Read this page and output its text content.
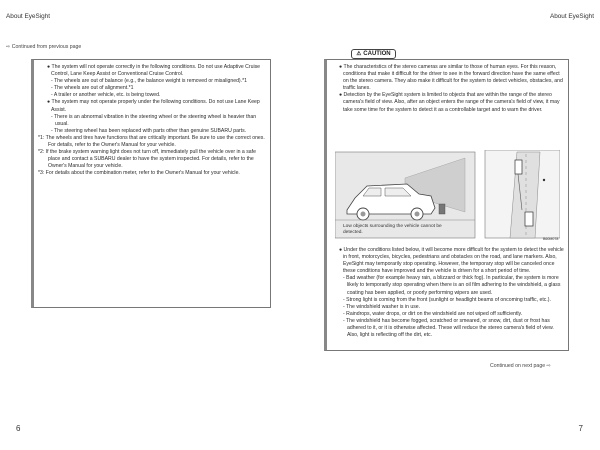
About EyeSight	About EyeSight
⇨ Continued from previous page
● The system will not operate correctly in the following conditions. Do not use Adaptive Cruise Control, Lane Keep Assist or Conventional Cruise Control.
- The wheels are out of balance (e.g., the balance weight is removed or misaligned).*1
- The wheels are out of alignment.*1
- A trailer or another vehicle, etc. is being towed.
● The system may not operate properly under the following conditions. Do not use Lane Keep Assist.
- There is an abnormal vibration in the steering wheel or the steering wheel is heavier than usual.
- The steering wheel has been replaced with parts other than genuine SUBARU parts.
*1: The wheels and tires have functions that are critically important. Be sure to use the correct ones. For details, refer to the Owner's Manual for your vehicle.
*2: If the brake system warning light does not turn off, immediately pull the vehicle over in a safe place and contact a SUBARU dealer to have the system inspected. For details, refer to the Owner's Manual for your vehicle.
*3: For details about the combination meter, refer to the Owner's Manual for your vehicle.
⚠ CAUTION
● The characteristics of the stereo cameras are similar to those of human eyes. For this reason, conditions that make it difficult for the driver to see in the forward direction have the same effect on the stereo camera. They also make it difficult for the system to detect vehicles, obstacles, and traffic lanes.
● Detection by the EyeSight system is limited to objects that are within the range of the stereo camera's field of view. Also, after an object enters the range of the camera's field of view, it may take some time for the system to detect it as a controllable target and to warn the driver.
Low objects surrounding the vehicle cannot be detected.
B60M078
● Under the conditions listed below, it will become more difficult for the system to detect the vehicle in front, motorcycles, bicycles, pedestrians and obstacles on the road, and lane markers. Also, EyeSight may temporarily stop operating. However, the temporary stop will be canceled once these conditions have improved and the vehicle is driven for a short period of time.
- Bad weather (for example heavy rain, a blizzard or thick fog). In particular, the system is more likely to temporarily stop operating when there is an oil film adhering to the windshield, a glass coating has been applied, or poorly performing wipers are used.
- Strong light is coming from the front (sunlight or headlight beams of oncoming traffic, etc.).
- The windshield washer is in use.
- Raindrops, water drops, or dirt on the windshield are not wiped off sufficiently.
- The windshield has become fogged, scratched or smeared, or snow, dirt, dust or frost has adhered to it, or it is otherwise affected. These will reduce the stereo camera's field of view. Also, light is reflecting off the dirt, etc.
Continued on next page ⇨
6	7
